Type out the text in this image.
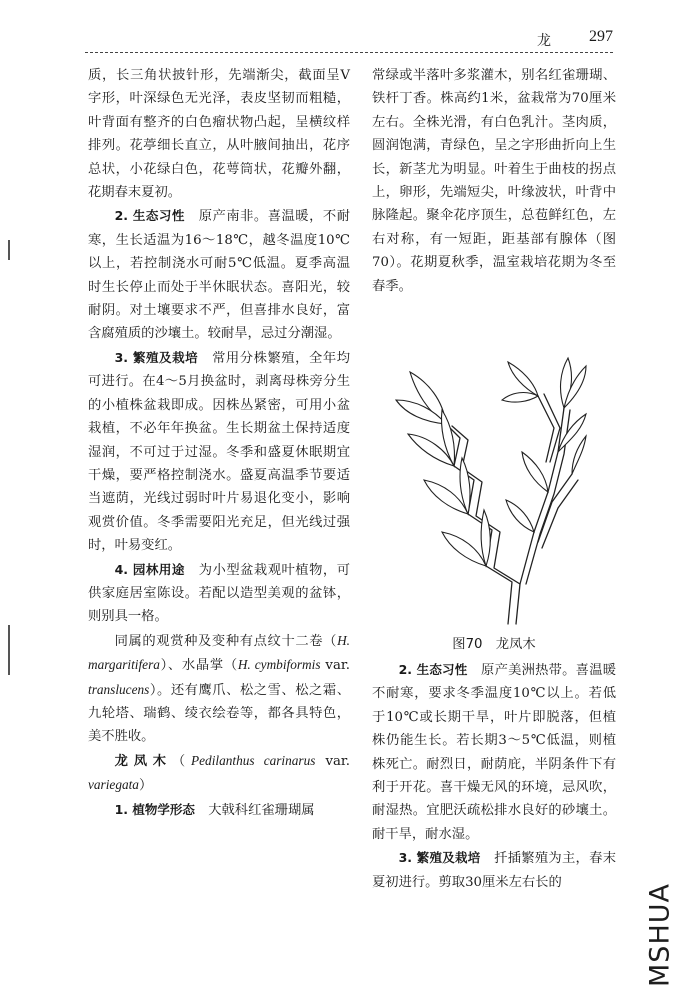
龙 297

质，长三角状披针形，先端渐尖，截面呈V字形，叶深绿色无光泽，表皮坚韧而粗糙，叶背面有整齐的白色瘤状物凸起，呈横纹样排列。花葶细长直立，从叶腋间抽出，花序总状，小花绿白色，花萼筒状，花瓣外翻，花期春末夏初。

2. 生态习性　 原产南非。喜温暖，不耐寒，生长适温为16～18℃，越冬温度10℃以上，若控制浇水可耐5℃低温。夏季高温时生长停止而处于半休眠状态。喜阳光，较耐阴。对土壤要求不严，但喜排水良好，富含腐殖质的沙壤土。较耐旱，忌过分潮湿。

3. 繁殖及栽培　 常用分株繁殖，全年均可进行。在4～5月换盆时，剥离母株旁分生的小植株盆栽即成。因株丛紧密，可用小盆栽植，不必年年换盆。生长期盆土保持适度湿润，不可过于过湿。冬季和盛夏休眠期宜干燥，要严格控制浇水。盛夏高温季节要适当遮荫，光线过弱时叶片易退化变小，影响观赏价值。冬季需要阳光充足，但光线过强时，叶易变红。

4. 园林用途　 为小型盆栽观叶植物，可供家庭居室陈设。若配以造型美观的盆钵，则别具一格。

同属的观赏种及变种有点纹十二卷（H. margaritifera）、水晶掌（H. cymbiformis var. translucens）。还有鹰爪、松之雪、松之霜、九轮塔、瑞鹤、绫衣绘卷等，都各具特色，美不胜收。

龙凤木（Pedilanthus carinarus var. variegata）

1. 植物学形态　 大戟科红雀珊瑚属

常绿或半落叶多浆灌木，别名红雀珊瑚、铁杆丁香。株高约1米，盆栽常为70厘米左右。全株光滑，有白色乳汁。茎肉质，圆润饱满，青绿色，呈之字形曲折向上生长，新茎尤为明显。叶着生于曲枝的拐点上，卵形，先端短尖，叶缘波状，叶背中脉隆起。聚伞花序顶生，总苞鲜红色，左右对称，有一短距，距基部有腺体（图70）。花期夏秋季，温室栽培花期为冬至春季。

图70　龙凤木

2. 生态习性　 原产美洲热带。喜温暖不耐寒，要求冬季温度10℃以上。若低于10℃或长期干旱，叶片即脱落，但植株仍能生长。若长期3～5℃低温，则植株死亡。耐烈日，耐荫庇，半阴条件下有利于开花。喜干燥无风的环境，忌风吹，耐湿热。宜肥沃疏松排水良好的砂壤土。耐干旱，耐水湿。

3. 繁殖及栽培　 扦插繁殖为主，春末夏初进行。剪取30厘米左右长的

MSHUA
